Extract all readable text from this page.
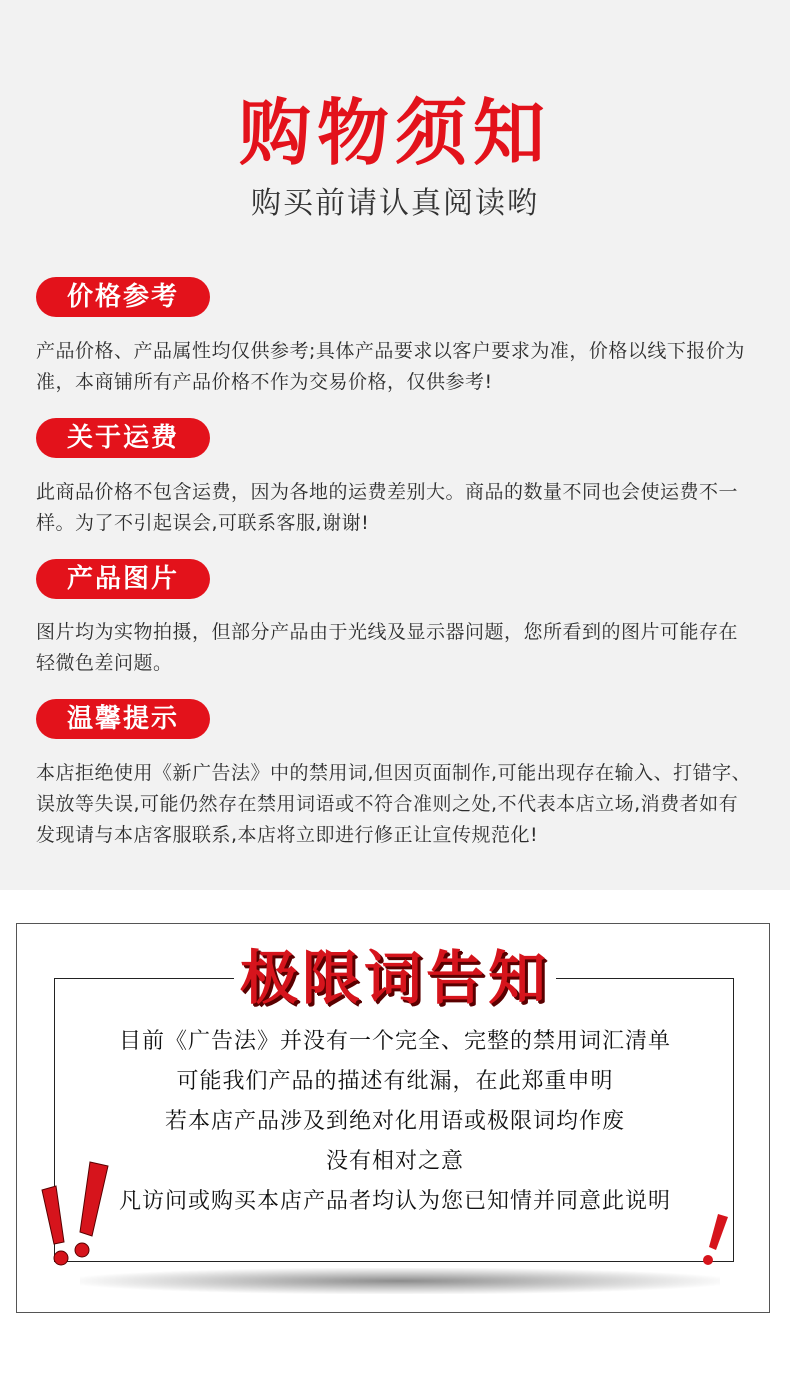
购物须知
购买前请认真阅读哟
价格参考
产品价格、产品属性均仅供参考;具体产品要求以客户要求为准，价格以线下报价为准，本商铺所有产品价格不作为交易价格，仅供参考!
关于运费
此商品价格不包含运费，因为各地的运费差别大。商品的数量不同也会使运费不一样。为了不引起误会,可联系客服,谢谢!
产品图片
图片均为实物拍摄，但部分产品由于光线及显示器问题，您所看到的图片可能存在轻微色差问题。
温馨提示
本店拒绝使用《新广告法》中的禁用词,但因页面制作,可能出现存在输入、打错字、误放等失误,可能仍然存在禁用词语或不符合准则之处,不代表本店立场,消费者如有发现请与本店客服联系,本店将立即进行修正让宣传规范化!
极限词告知
目前《广告法》并没有一个完全、完整的禁用词汇清单
可能我们产品的描述有纰漏，在此郑重申明
若本店产品涉及到绝对化用语或极限词均作废
没有相对之意
凡访问或购买本店产品者均认为您已知情并同意此说明
